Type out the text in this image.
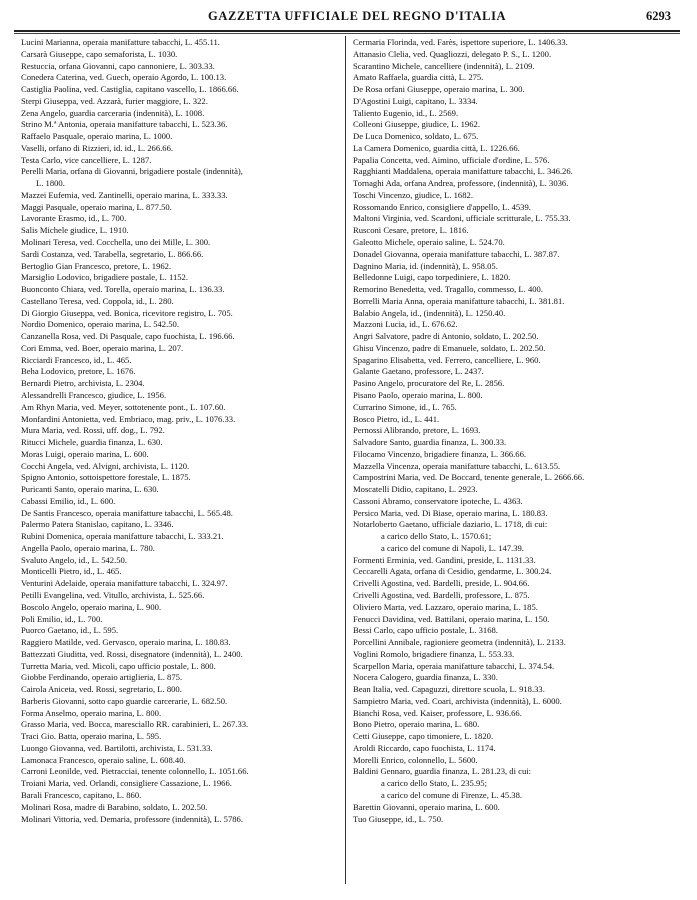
GAZZETTA UFFICIALE DEL REGNO D'ITALIA	6293
Lucini Marianna, operaia manifatture tabacchi, L. 455.11.
Carsarà Giuseppe, capo semaforista, L. 1030.
Restuccia, orfana Giovanni, capo cannoniere, L. 303.33.
Conedera Caterina, ved. Guech, operaio Agordo, L. 100.13.
Castiglia Paolina, ved. Castiglia, capitano vascello, L. 1866.66.
Sterpi Giuseppa, ved. Azzarà, furier maggiore, L. 322.
Zena Angelo, guardia carceraria (indennità), L. 1008.
Strino M.ª Antonia, operaia manifatture tabacchi, L. 523.36.
Raffaelo Pasquale, operaio marina, L. 1000.
Vaselli, orfano di Rizzieri, id. id., L. 266.66.
Testa Carlo, vice cancelliere, L. 1287.
Perelli Maria, orfana di Giovanni, brigadiere postale (indennità),
L. 1800.
Mazzei Eufemia, ved. Zantinelli, operaio marina, L. 333.33.
Maggi Pasquale, operaio marina, L. 877.50.
Lavorante Erasmo, id., L. 700.
Salis Michele giudice, L. 1910.
Molinari Teresa, ved. Cocchella, uno dei Mille, L. 300.
Sardi Costanza, ved. Tarabella, segretario, L. 866.66.
Bertoglio Gian Francesco, pretore, L. 1962.
Marsiglio Lodovico, brigadiere postale, L. 1152.
Buonconto Chiara, ved. Torella, operaio marina, L. 136.33.
Castellano Teresa, ved. Coppola, id., L. 280.
Di Giorgio Giuseppa, ved. Bonica, ricevitore registro, L. 705.
Nordio Domenico, operaio marina, L. 542.50.
Canzanella Rosa, ved. Di Pasquale, capo fuochista, L. 196.66.
Cori Emma, ved. Boer, operaio marina, L. 207.
Ricciardi Francesco, id., L. 465.
Beha Lodovico, pretore, L. 1676.
Bernardi Pietro, archivista, L. 2304.
Alessandrelli Francesco, giudice, L. 1956.
Am Rhyn Maria, ved. Meyer, sottotenente pont., L. 107.60.
Monfardini Antonietta, ved. Embriaco, mag. priv., L. 1076.33.
Mura Maria, ved. Rossi, uff. dog., L. 792.
Ritucci Michele, guardia finanza, L. 630.
Moras Luigi, operaio marina, L. 600.
Cocchi Angela, ved. Alvigni, archivista, L. 1120.
Spigno Antonio, sottoispettore forestale, L. 1875.
Puricanti Santo, operaio marina, L. 630.
Cabassi Emilio, id., L. 600.
De Santis Francesco, operaia manifatture tabacchi, L. 565.48.
Palermo Patera Stanislao, capitano, L. 3346.
Rubini Domenica, operaia manifatture tabacchi, L. 333.21.
Angella Paolo, operaio marina, L. 780.
Svaluto Angelo, id., L. 542.50.
Monticelli Pietro, id., L. 465.
Venturini Adelaide, operaia manifatture tabacchi, L. 324.97.
Petilli Evangelina, ved. Vitullo, archivista, L. 525.66.
Boscolo Angelo, operaio marina, L. 900.
Poli Emilio, id., L. 700.
Puorco Gaetano, id., L. 595.
Raggiero Matilde, ved. Gervasco, operaio marina, L. 180.83.
Battezzati Giuditta, ved. Rossi, disegnatore (indennità), L. 2400.
Turretta Maria, ved. Micoli, capo ufficio postale, L. 800.
Giobbe Ferdinando, operaio artiglieria, L. 875.
Cairola Aniceta, ved. Rossi, segretario, L. 800.
Barberis Giovanni, sotto capo guardie carcerarie, L. 682.50.
Forma Anselmo, operaio marina, L. 800.
Grasso Maria, ved. Bocca, maresciallo RR. carabinieri, L. 267.33.
Traci Gio. Batta, operaio marina, L. 595.
Luongo Giovanna, ved. Bartilotti, archivista, L. 531.33.
Lamonaca Francesco, operaio saline, L. 608.40.
Carroni Leonilde, ved. Pietracciai, tenente colonnello, L. 1051.66.
Troiani Maria, ved. Orlandi, consigliere Cassazione, L. 1966.
Barali Francesco, capitano, L. 860.
Molinari Rosa, madre di Barabino, soldato, L. 202.50.
Molinari Vittoria, ved. Demaria, professore (indennità), L. 5786.
Cermaria Florinda, ved. Farès, ispettore superiore, L. 1406.33.
Attanasio Clelia, ved. Quagliozzi, delegato P. S., L. 1200.
Scarantino Michele, cancelliere (indennità), L. 2109.
Amato Raffaela, guardia città, L. 275.
De Rosa orfani Giuseppe, operaio marina, L. 300.
D'Agostini Luigi, capitano, L. 3334.
Taliento Eugenio, id., L. 2569.
Colleoni Giuseppe, giudice, L. 1962.
De Luca Domenico, soldato, L. 675.
La Camera Domenico, guardia città, L. 1226.66.
Papalia Concetta, ved. Aimino, ufficiale d'ordine, L. 576.
Ragghianti Maddalena, operaia manifatture tabacchi, L. 346.26.
Tornaghi Ada, orfana Andrea, professore, (indennità), L. 3036.
Toschi Vincenzo, giudice, L. 1682.
Rossomando Enrico, consigliere d'appello, L. 4539.
Maltoni Virginia, ved. Scardoni, ufficiale scritturale, L. 755.33.
Rusconi Cesare, pretore, L. 1816.
Galeotto Michele, operaio saline, L. 524.70.
Donadel Giovanna, operaia manifatture tabacchi, L. 387.87.
Dagnino Maria, id. (indennità), L. 958.05.
Belledonne Luigi, capo torpediniere, L. 1820.
Remorino Benedetta, ved. Tragallo, commesso, L. 400.
Borrelli Maria Anna, operaia manifatture tabacchi, L. 381.81.
Balabio Angela, id., (indennità), L. 1250.40.
Mazzoni Lucia, id., L. 676.62.
Angri Salvatore, padre di Antonio, soldato, L. 202.50.
Ghisu Vincenzo, padre di Emanuele, soldato, L. 202.50.
Spagarino Elisabetta, ved. Ferrero, cancelliere, L. 960.
Galante Gaetano, professore, L. 2437.
Pasino Angelo, procuratore del Re, L. 2856.
Pisano Paolo, operaio marina, L. 800.
Currarino Simone, id., L. 765.
Bosco Pietro, id., L. 441.
Pernossi Alibrando, pretore, L. 1693.
Salvadore Santo, guardia finanza, L. 300.33.
Filocamo Vincenzo, brigadiere finanza, L. 366.66.
Mazzella Vincenza, operaia manifatture tabacchi, L. 613.55.
Campostrini Maria, ved. De Boccard, tenente generale, L. 2666.66.
Moscatelli Didio, capitano, L. 2923.
Cassoni Abramo, conservatore ipoteche, L. 4363.
Persico Maria, ved. Di Biase, operaio marina, L. 180.83.
Notarloberto Gaetano, ufficiale daziario, L. 1718, di cui:
a carico dello Stato, L. 1570.61;
a carico del comune di Napoli, L. 147.39.
Formenti Erminia, ved. Gandini, preside, L. 1131.33.
Ceccarelli Agata, orfana di Cesidio, gendarme, L. 300.24.
Crivelli Agostina, ved. Bardelli, preside, L. 904.66.
Crivelli Agostina, ved. Bardelli, professore, L. 875.
Oliviero Marta, ved. Lazzaro, operaio marina, L. 185.
Fenucci Davidina, ved. Battilani, operaio marina, L. 150.
Bessi Carlo, capo ufficio postale, L. 3168.
Porcellini Annibale, ragioniere geometra (indennità), L. 2133.
Voglini Romolo, brigadiere finanza, L. 553.33.
Scarpellon Maria, operaia manifatture tabacchi, L. 374.54.
Nocera Calogero, guardia finanza, L. 330.
Bean Italia, ved. Capaguzzi, direttore scuola, L. 918.33.
Sampietro Maria, ved. Coari, archivista (indennità), L. 6000.
Bianchi Rosa, ved. Kaiser, professore, L. 936.66.
Bono Pietro, operaio marina, L. 680.
Cetti Giuseppe, capo timoniere, L. 1820.
Aroldi Riccardo, capo fuochista, L. 1174.
Morelli Enrico, colonnello, L. 5600.
Baldini Gennaro, guardia finanza, L. 281.23, di cui:
a carico dello Stato, L. 235.95;
a carico del comune di Firenze, L. 45.38.
Barettin Giovanni, operaio marina, L. 600.
Tuo Giuseppe, id., L. 750.
